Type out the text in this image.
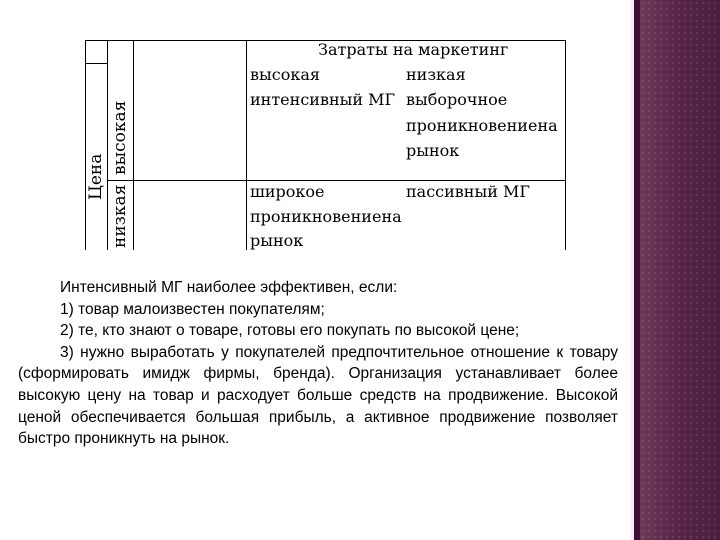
Затраты на маркетинг
высокая	низкая
Цена
высокая
низкая
интенсивный МГ выборочное
проникновениена
рынок
широкое
проникновениена
рынок
пассивный МГ

Интенсивный МГ наиболее эффективен, если:

1) товар малоизвестен покупателям;

2) те, кто знают о товаре, готовы его покупать по высокой цене;

3) нужно выработать у покупателей предпочтительное отношение к товару (сформировать имидж фирмы, бренда). Организация устанавливает более высокую цену на товар и расходует больше средств на продвижение. Высокой ценой обеспечивается большая прибыль, а активное продвижение позволяет быстро проникнуть на рынок.
